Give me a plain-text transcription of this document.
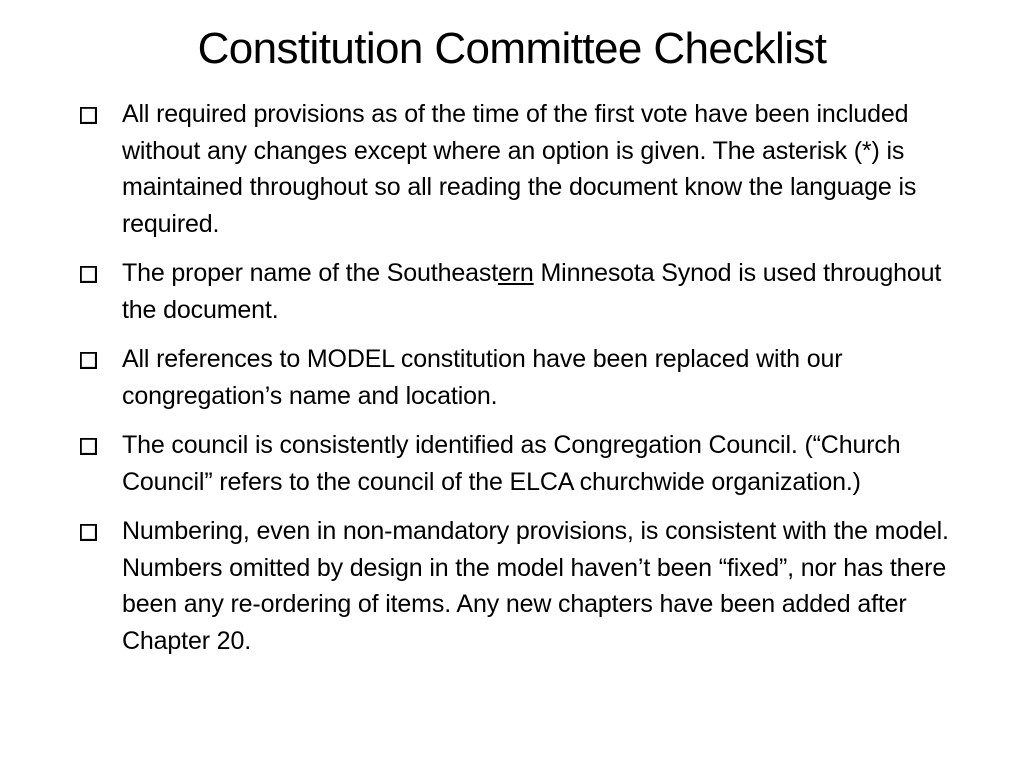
Constitution Committee Checklist
All required provisions as of the time of the first vote have been included without any changes except where an option is given. The asterisk (*) is maintained throughout so all reading the document know the language is required.
The proper name of the Southeastern Minnesota Synod is used throughout the document.
All references to MODEL constitution have been replaced with our congregation’s name and location.
The council is consistently identified as Congregation Council. (“Church Council” refers to the council of the ELCA churchwide organization.)
Numbering, even in non-mandatory provisions, is consistent with the model. Numbers omitted by design in the model haven’t been “fixed”, nor has there been any re-ordering of items. Any new chapters have been added after Chapter 20.
